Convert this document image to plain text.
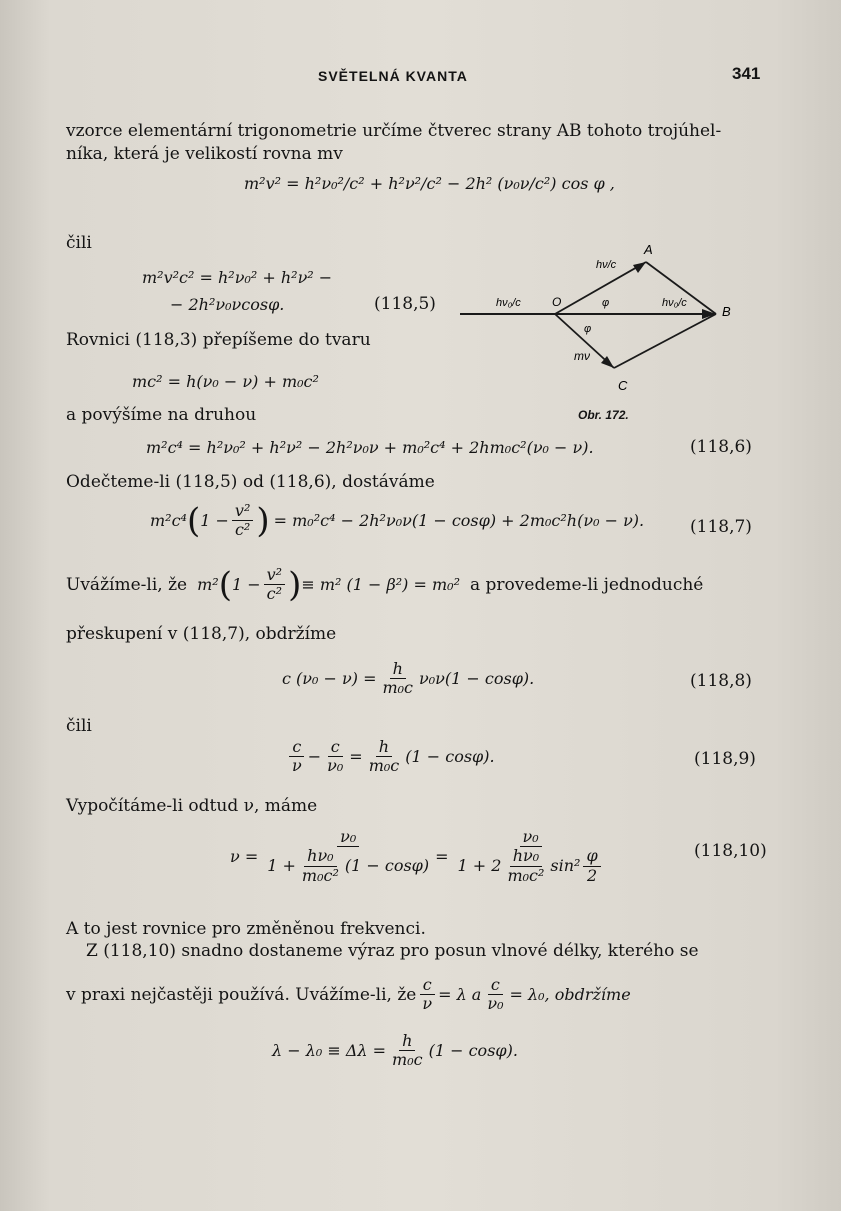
SVĚTELNÁ KVANTA	341
vzorce elementární trigonometrie určíme čtverec strany AB tohoto trojúhel-
níka, která je velikostí rovna mv
m²v² = h²ν₀²/c² + h²ν²/c² − 2h² (ν₀ν/c²) cos φ ,
čili
m²v²c² = h²ν₀² + h²ν² −
− 2h²ν₀νcosφ.	(118,5)
A
B
C
O
hν/c
hν₀/c	hν₀/c
φ
φ
mν
Obr. 172.
Rovnici (118,3) přepíšeme do tvaru
mc² = h(ν₀ − ν) + m₀c²
a povýšíme na druhou
m²c⁴ = h²ν₀² + h²ν² − 2h²ν₀ν + m₀²c⁴ + 2hm₀c²(ν₀ − ν).	(118,6)
Odečteme-li (118,5) od (118,6), dostáváme
m²c⁴ ( $1 - \frac{\text{v²}}{\text{c²}}$ ) = m₀²c⁴ − 2h²ν₀ν(1 − cosφ) + 2m₀c²h(ν₀ − ν).	(118,7)
Uvážíme-li, že m² ( $1 - \frac{\text{v²}}{\text{c²}}$ ) ≡ m² (1 − β²) = m₀² a provedeme-li jednoduché
přeskupení v (118,7), obdržíme
c $(\nu_0 - \nu) = \frac{h}{\text{m₀c}} \nu_0\nu(1 - \cos\varphi)$.	(118,8)
čili
$\frac{c}{\nu} - \frac{c}{\text{ν₀}} = \frac{h}{\text{m₀c}} (1 - \cos\varphi)$.	(118,9)
Vypočítáme-li odtud ν, máme
$\nu = \frac{\text{ν₀}}{1 + \frac{\text{hν₀}}{\text{m₀c²}} (1 - \cos\varphi)} = \frac{\text{ν₀}}{1 + 2 \frac{\text{hν₀}}{\text{m₀c²}} \sin^2 \frac{\varphi}{2}}$	(118,10)
A to jest rovnice pro změněnou frekvenci.
Z (118,10) snadno dostaneme výraz pro posun vlnové délky, kterého se
v praxi nejčastěji používá. Uvážíme-li, že $\frac{c}{\nu} = \lambda$ a $\frac{c}{\text{ν₀}} = \lambda_0$, obdržíme
$\lambda - \lambda_0 \equiv \Delta\lambda = \frac{h}{\text{m₀c}} (1 - \cos\varphi)$.
